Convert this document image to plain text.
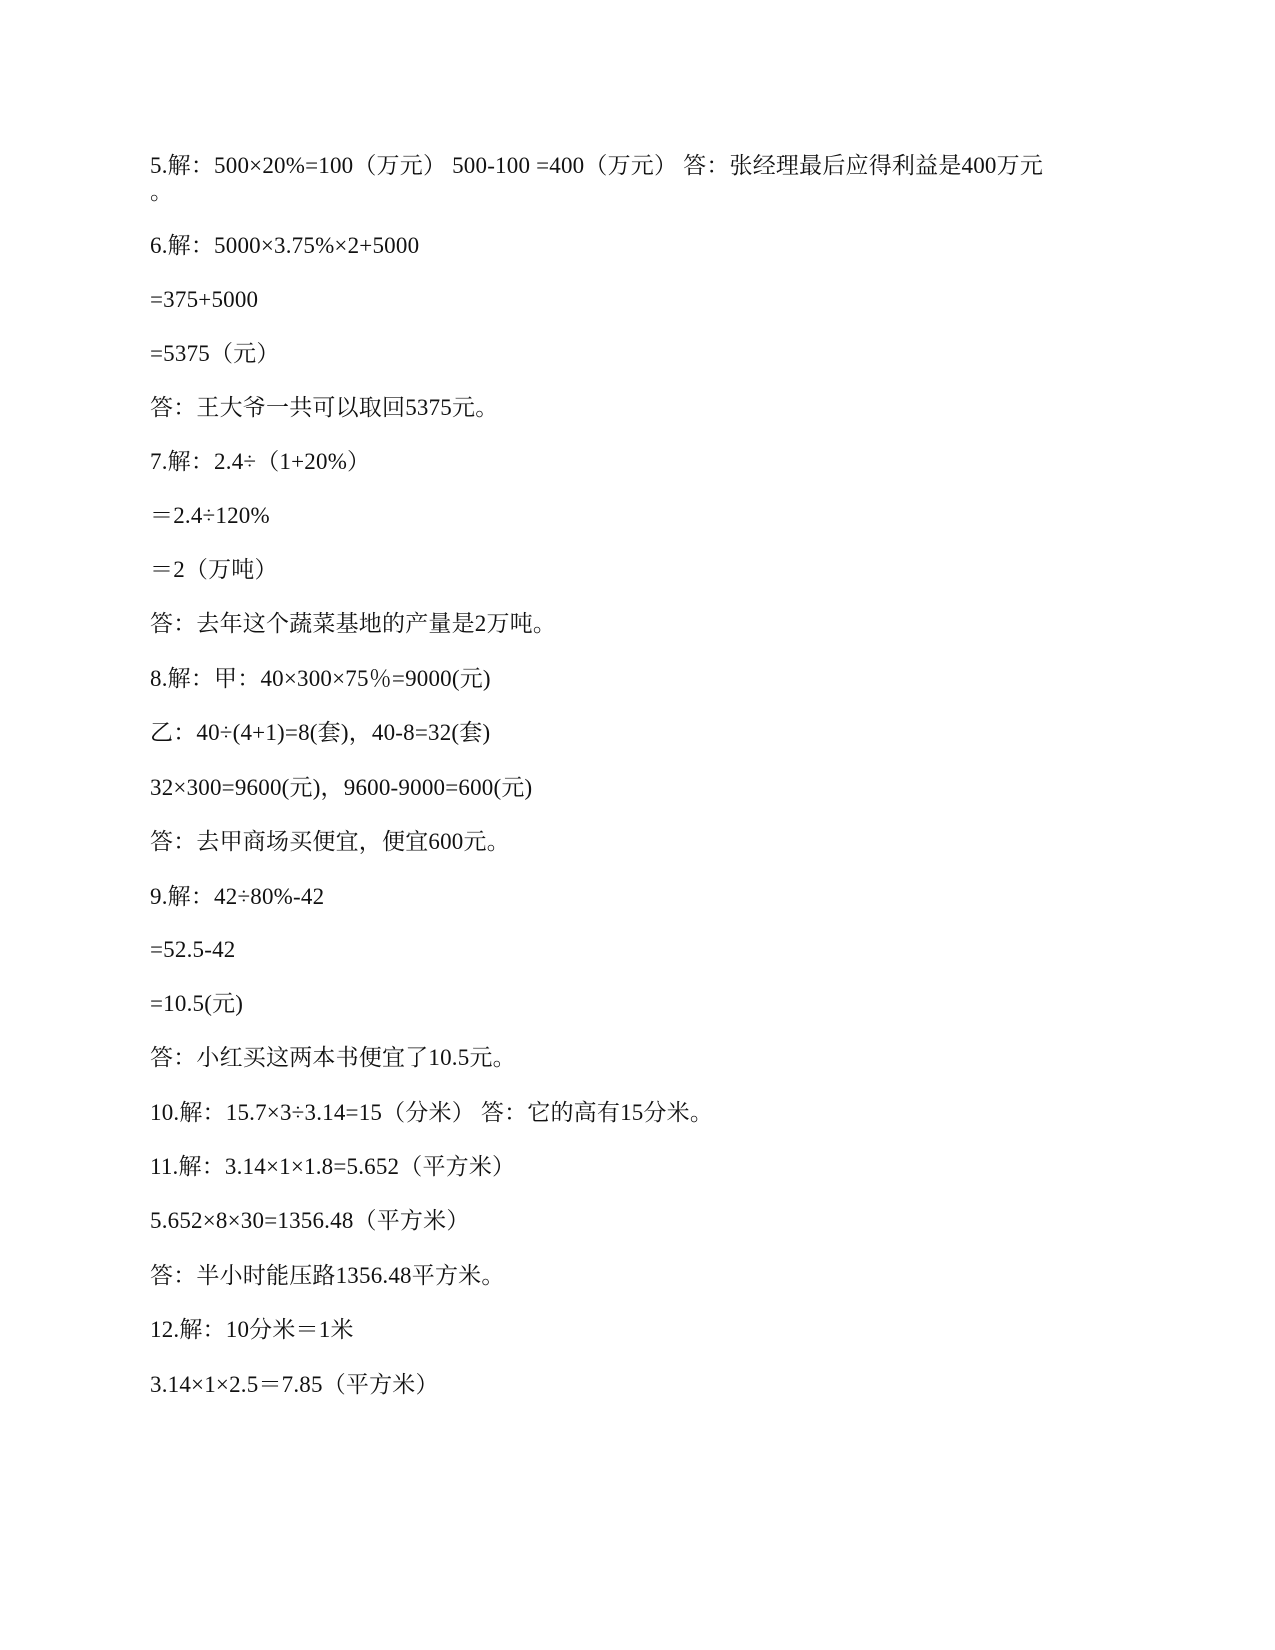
5.解：500×20%=100（万元） 500-100 =400（万元） 答：张经理最后应得利益是400万元
。
6.解：5000×3.75%×2+5000
=375+5000
=5375（元）
答：王大爷一共可以取回5375元。
7.解：2.4÷（1+20%）
＝2.4÷120%
＝2（万吨）
答：去年这个蔬菜基地的产量是2万吨。
8.解：甲：40×300×75％=9000(元)
乙：40÷(4+1)=8(套)，40-8=32(套)
32×300=9600(元)，9600-9000=600(元)
答：去甲商场买便宜，便宜600元。
9.解：42÷80%-42
=52.5-42
=10.5(元)
答：小红买这两本书便宜了10.5元。
10.解：15.7×3÷3.14=15（分米） 答：它的高有15分米。
11.解：3.14×1×1.8=5.652（平方米）
5.652×8×30=1356.48（平方米）
答：半小时能压路1356.48平方米。
12.解：10分米＝1米
3.14×1×2.5＝7.85（平方米）
